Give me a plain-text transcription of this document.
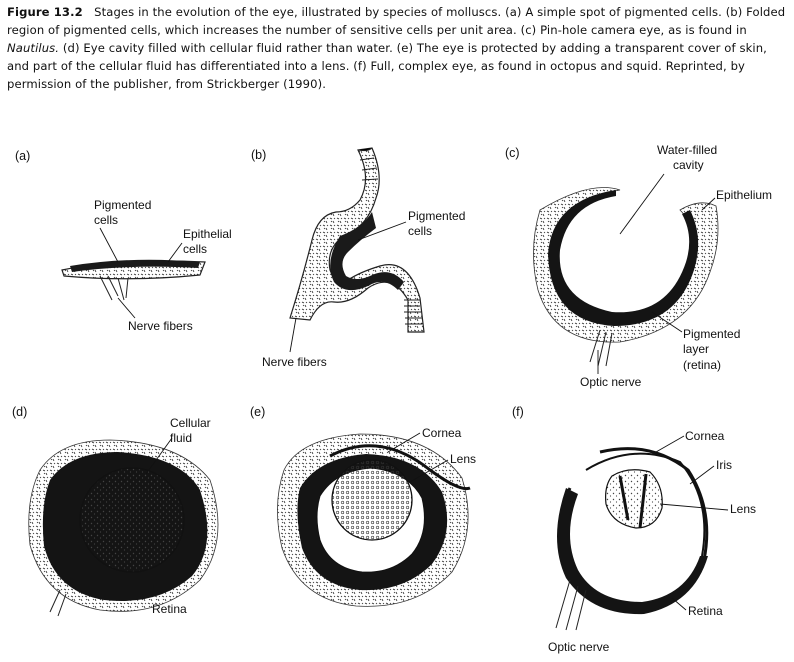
Figure 13.2 Stages in the evolution of the eye, illustrated by species of molluscs. (a) A simple spot of pigmented cells. (b) Folded region of pigmented cells, which increases the number of sensitive cells per unit area. (c) Pin-hole camera eye, as is found in Nautilus. (d) Eye cavity filled with cellular fluid rather than water. (e) The eye is protected by adding a transparent cover of skin, and part of the cellular fluid has differentiated into a lens. (f) Full, complex eye, as found in octopus and squid. Reprinted, by permission of the publisher, from Strickberger (1990).
(a)
Pigmented
cells
Epithelial
cells
Nerve fibers
(b)
Pigmented
cells
Nerve fibers
(c)	Water-filled
cavity
Epithelium
Pigmented
layer
(retina)
Optic nerve
(d)
Cellular
fluid
Retina
(e)
Cornea
Lens
(f)
Cornea
Iris
Lens
Retina
Optic nerve
